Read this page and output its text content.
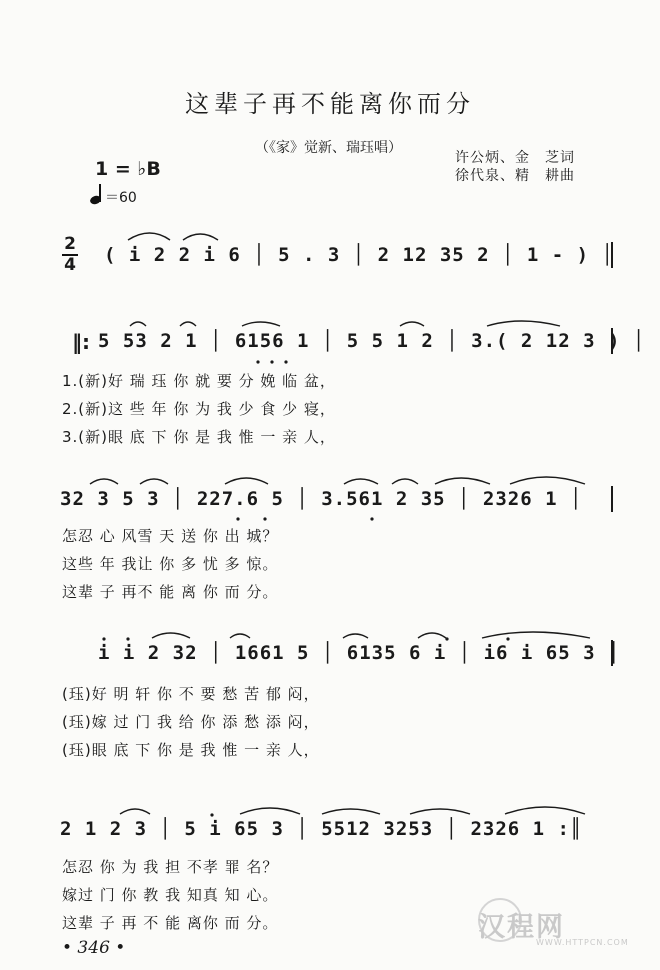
这辈子再不能离你而分
（《家》觉新、瑞珏唱）
许公炳、金　芝词
徐代泉、精　耕曲
1 = ♭B
＝60
2
4 ( i 2 2 i 6 │ 5 . 3 │ 2 12 35 2 │ 1 - ) │
‖: 5 53 2 1 │ 6156 1 │ 5 5 1 2 │ 3.( 2 12 3 ) │
1.(新)好 瑞 珏 你 就 要 分 娩 临 盆，
2.(新)这 些 年 你 为 我 少 食 少 寝，
3.(新)眼 底 下 你 是 我 惟 一 亲 人，
32 3 5 3 │ 227.6 5 │ 3.561 2 35 │ 2326 1 │
怎忍 心 风雪 天 送 你 出 城？
这些 年 我让 你 多 忧 多 惊。
这辈 子 再不 能 离 你 而 分。
i i 2 32 │ 1661 5 │ 6135 6 i │ i6 i 65 3 │
(珏)好 明 轩 你 不 要 愁 苦 郁 闷，
(珏)嫁 过 门 我 给 你 添 愁 添 闷，
(珏)眼 底 下 你 是 我 惟 一 亲 人，
2 1 2 3 │ 5 i 65 3 │ 5512 3253 │ 2326 1 :║
怎忍 你 为 我 担 不孝 罪 名？
嫁过 门 你 教 我 知真 知 心。
这辈 子 再 不 能 离你 而 分。
• 346 •
汉程网
WWW.HTTPCN.COM
